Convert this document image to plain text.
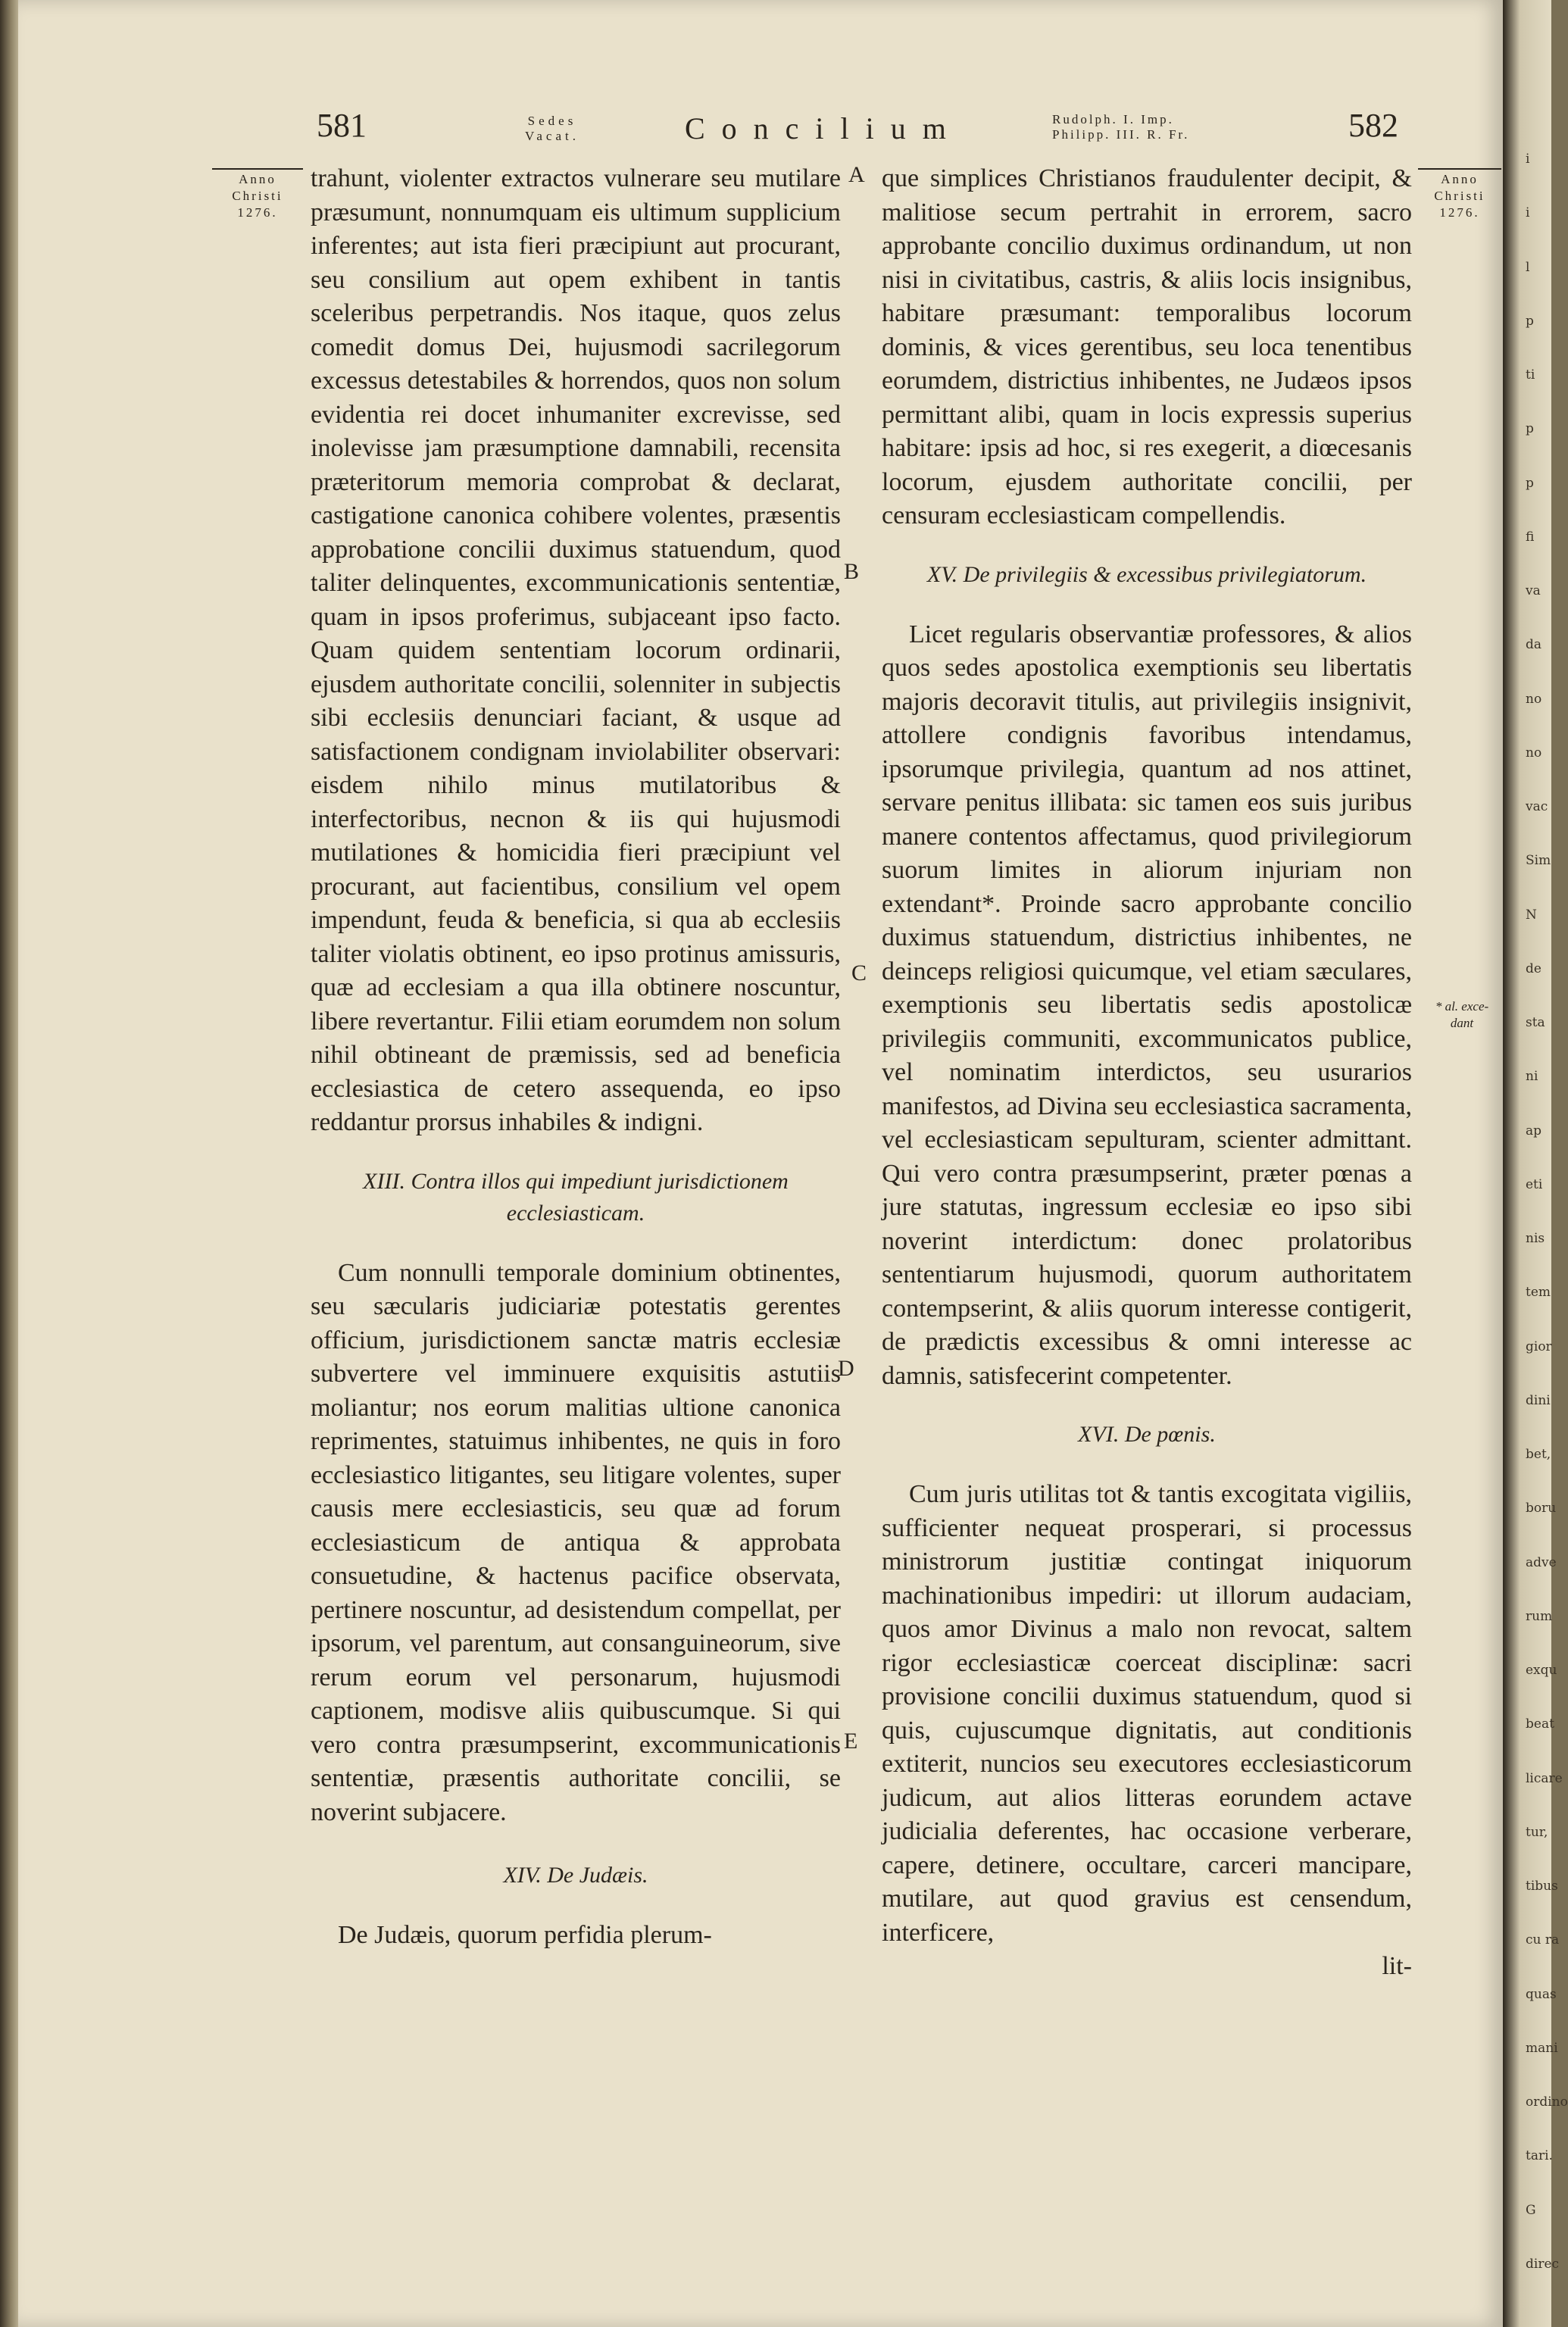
581	Sedes
Vacat.	Concilium	Rudolph. I. Imp.
Philipp. III. R. Fr.	582
Anno
Christi
1276.
Anno
Christi
1276.
* al. exce-
dant
A
B
C
D
E

trahunt, violenter extractos vulnerare seu mutilare præsumunt, nonnumquam eis ultimum supplicium inferentes; aut ista fieri præcipiunt aut procurant, seu consilium aut opem exhibent in tantis sceleribus perpetrandis. Nos itaque, quos zelus comedit domus Dei, hujusmodi sacrilegorum excessus detestabiles & horrendos, quos non solum evidentia rei docet inhumaniter excrevisse, sed inolevisse jam præsumptione damnabili, recensita præteritorum memoria comprobat & declarat, castigatione canonica cohibere volentes, præsentis approbatione concilii duximus statuendum, quod taliter delinquentes, excommunicationis sententiæ, quam in ipsos proferimus, subjaceant ipso facto. Quam quidem sententiam locorum ordinarii, ejusdem authoritate concilii, solenniter in subjectis sibi ecclesiis denunciari faciant, & usque ad satisfactionem condignam inviolabiliter observari: eisdem nihilo minus mutilatoribus & interfectoribus, necnon & iis qui hujusmodi mutilationes & homicidia fieri præcipiunt vel procurant, aut facientibus, consilium vel opem impendunt, feuda & beneficia, si qua ab ecclesiis taliter violatis obtinent, eo ipso protinus amissuris, quæ ad ecclesiam a qua illa obtinere noscuntur, libere revertantur. Filii etiam eorumdem non solum nihil obtineant de præmissis, sed ad beneficia ecclesiastica de cetero assequenda, eo ipso reddantur prorsus inhabiles & indigni.

XIII. Contra illos qui impediunt jurisdictionem ecclesiasticam.

Cum nonnulli temporale dominium obtinentes, seu sæcularis judiciariæ potestatis gerentes officium, jurisdictionem sanctæ matris ecclesiæ subvertere vel imminuere exquisitis astutiis moliantur; nos eorum malitias ultione canonica reprimentes, statuimus inhibentes, ne quis in foro ecclesiastico litigantes, seu litigare volentes, super causis mere ecclesiasticis, seu quæ ad forum ecclesiasticum de antiqua & approbata consuetudine, & hactenus pacifice observata, pertinere noscuntur, ad desistendum compellat, per ipsorum, vel parentum, aut consanguineorum, sive rerum eorum vel personarum, hujusmodi captionem, modisve aliis quibuscumque. Si qui vero contra præsumpserint, excommunicationis sententiæ, præsentis authoritate concilii, se noverint subjacere.

XIV. De Judæis.

De Judæis, quorum perfidia plerum-

que simplices Christianos fraudulenter decipit, & malitiose secum pertrahit in errorem, sacro approbante concilio duximus ordinandum, ut non nisi in civitatibus, castris, & aliis locis insignibus, habitare præsumant: temporalibus locorum dominis, & vices gerentibus, seu loca tenentibus eorumdem, districtius inhibentes, ne Judæos ipsos permittant alibi, quam in locis expressis superius habitare: ipsis ad hoc, si res exegerit, a diœcesanis locorum, ejusdem authoritate concilii, per censuram ecclesiasticam compellendis.

XV. De privilegiis & excessibus privilegiatorum.

Licet regularis observantiæ professores, & alios quos sedes apostolica exemptionis seu libertatis majoris decoravit titulis, aut privilegiis insignivit, attollere condignis favoribus intendamus, ipsorumque privilegia, quantum ad nos attinet, servare penitus illibata: sic tamen eos suis juribus manere contentos affectamus, quod privilegiorum suorum limites in aliorum injuriam non extendant*. Proinde sacro approbante concilio duximus statuendum, districtius inhibentes, ne deinceps religiosi quicumque, vel etiam sæculares, exemptionis seu libertatis sedis apostolicæ privilegiis communiti, excommunicatos publice, vel nominatim interdictos, seu usurarios manifestos, ad Divina seu ecclesiastica sacramenta, vel ecclesiasticam sepulturam, scienter admittant. Qui vero contra præsumpserint, præter pœnas a jure statutas, ingressum ecclesiæ eo ipso sibi noverint interdictum: donec prolatoribus sententiarum hujusmodi, quorum authoritatem contempserint, & aliis quorum interesse contigerit, de prædictis excessibus & omni interesse ac damnis, satisfecerint competenter.

XVI. De pœnis.

Cum juris utilitas tot & tantis excogitata vigiliis, sufficienter nequeat prosperari, si processus ministrorum justitiæ contingat iniquorum machinationibus impediri: ut illorum audaciam, quos amor Divinus a malo non revocat, saltem rigor ecclesiasticæ coerceat disciplinæ: sacri provisione concilii duximus statuendum, quod si quis, cujuscumque dignitatis, aut conditionis extiterit, nuncios seu executores ecclesiasticorum judicum, aut alios litteras eorundem actave judicialia deferentes, hac occasione verberare, capere, detinere, occultare, carceri mancipare, mutilare, aut quod gravius est censendum, interficere,

lit-
i
i
l
p
ti
p
p
fi
va
da
no
no
vac
Sim
N
de
sta
ni
ap
eti
nis
tem
gior
dini
bet,
boru
adve
rum
exqu
beat
licare
tur,
tibus
cu ra
quas
mani
ordino
tari.
G
direc
